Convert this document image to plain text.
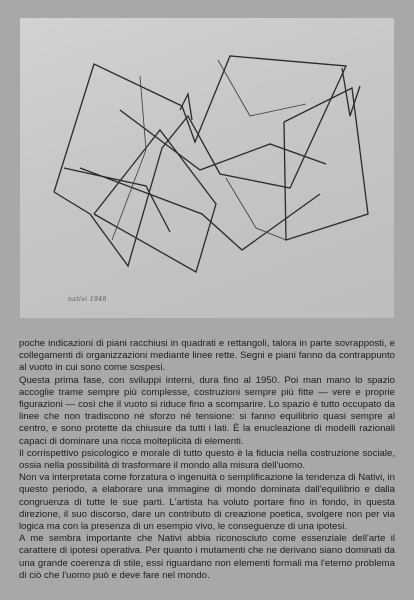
nativi 1948

poche indicazioni di piani racchiusi in quadrati e rettangoli, talora in parte sovrapposti, e collegamenti di organizzazioni mediante linee rette. Segni e piani fanno da contrappunto al vuoto in cui sono come sospesi.

Questa prima fase, con sviluppi interni, dura fino al 1950. Poi man mano lo spazio accoglie trame sempre più complesse, costruzioni sempre più fitte — vere e proprie figurazioni — così che il vuoto si riduce fino a scomparire. Lo spazio è tutto occupato da linee che non tradiscono né sforzo né tensione: si fanno equilibrio quasi sempre al centro, e sono protette da chiusure da tutti i lati. È la enucleazione di modelli razionali capaci di dominare una ricca molteplicità di elementi.

Il corrispettivo psicologico e morale di tutto questo è la fiducia nella costruzione sociale, ossia nella possibilità di trasformare il mondo alla misura dell'uomo.

Non va interpretata come forzatura o ingenuità o semplificazione la tendenza di Nativi, in questo periodo, a elaborare una immagine di mondo dominata dall'equilibrio e dalla congruenza di tutte le sue parti. L'artista ha voluto portare fino in fondo, in questa direzione, il suo discorso, dare un contributo di creazione poetica, svolgere non per via logica ma con la presenza di un esempio vivo, le conseguenze di una ipotesi.

A me sembra importante che Nativi abbia riconosciuto come essenziale dell'arte il carattere di ipotesi operativa. Per quanto i mutamenti che ne derivano siano dominati da una grande coerenza di stile, essi riguardano non elementi formali ma l'eterno problema di ciò che l'uomo può e deve fare nel mondo.
